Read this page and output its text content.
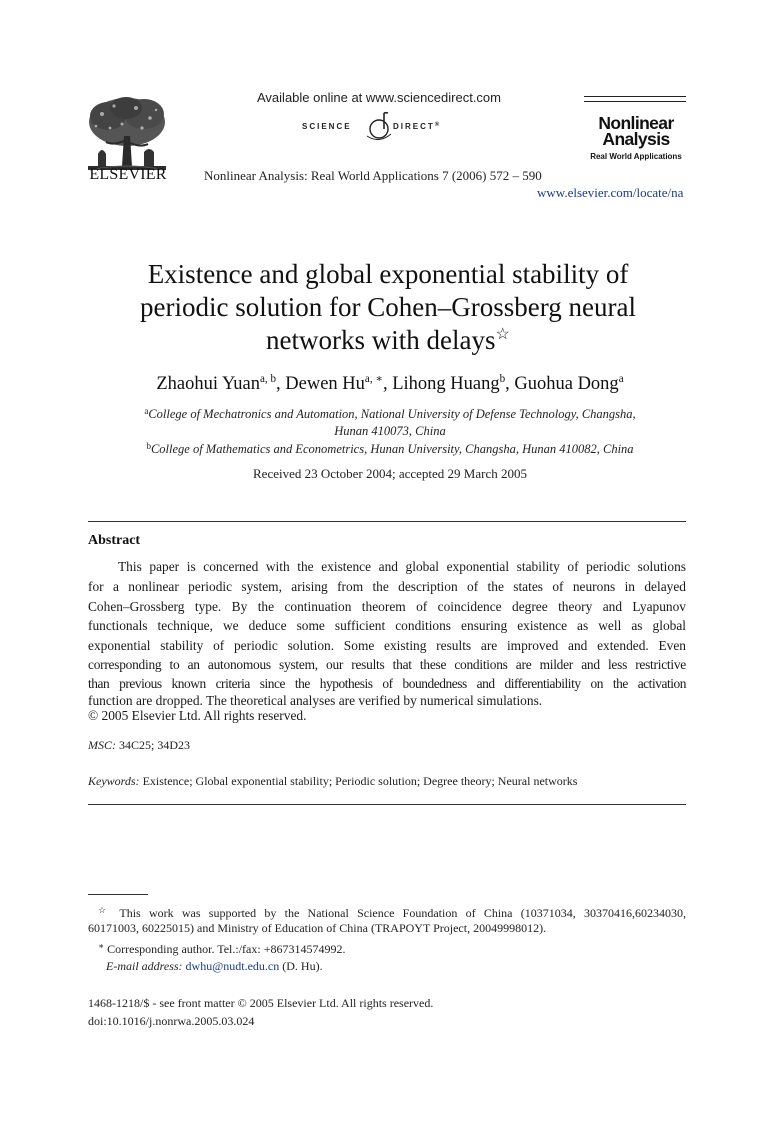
ELSEVIER
Available online at www.sciencedirect.com
SCIENCE	DIRECT®
Nonlinear Analysis: Real World Applications 7 (2006) 572 – 590
www.elsevier.com/locate/na
Nonlinear
Analysis
Real World Applications
Existence and global exponential stability of
periodic solution for Cohen–Grossberg neural
networks with delays☆
Zhaohui Yuan$^{a, b}$, Dewen $Hu^{a, ∗}$, Lihong Huang$^b$, Guohua Dong$^a$
$^a$College of Mechatronics and Automation, National University of Defense Technology, Changsha,
Hunan 410073, China
$^b$College of Mathematics and Econometrics, Hunan University, Changsha, Hunan 410082, China
Received 23 October 2004; accepted 29 March 2005
Abstract
This paper is concerned with the existence and global exponential stability of periodic solutions
for a nonlinear periodic system, arising from the description of the states of neurons in delayed
Cohen–Grossberg type. By the continuation theorem of coincidence degree theory and Lyapunov
functionals technique, we deduce some sufficient conditions ensuring existence as well as global
exponential stability of periodic solution. Some existing results are improved and extended. Even
corresponding to an autonomous system, our results that these conditions are milder and less restrictive
than previous known criteria since the hypothesis of boundedness and differentiability on the activation
function are dropped. The theoretical analyses are verified by numerical simulations.
© 2005 Elsevier Ltd. All rights reserved.
MSC: 34C25; 34D23
Keywords: Existence; Global exponential stability; Periodic solution; Degree theory; Neural networks
☆ This work was supported by the National Science Foundation of China (10371034, 30370416,60234030,
60171003, 60225015) and Ministry of Education of China (TRAPOYT Project, 20049998012).
∗ Corresponding author. Tel.:/fax: +867314574992.
E-mail address: dwhu@nudt.edu.cn (D. Hu).
1468-1218/$ - see front matter © 2005 Elsevier Ltd. All rights reserved.
doi:10.1016/j.nonrwa.2005.03.024
